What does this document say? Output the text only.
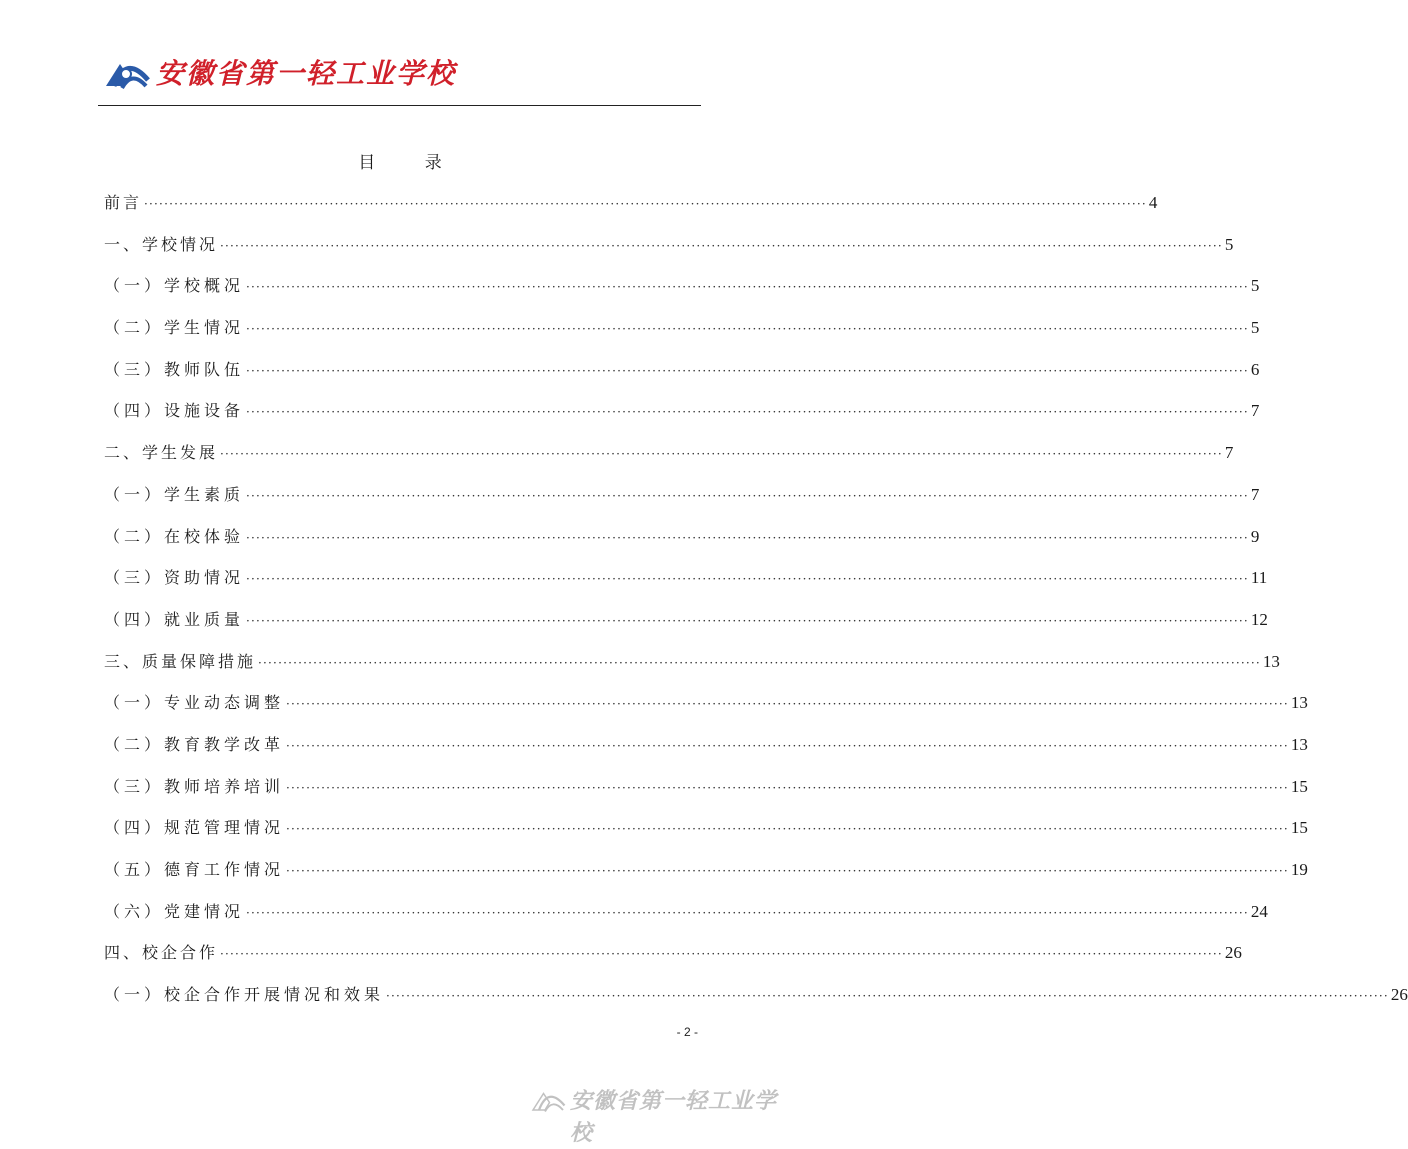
安徽省第一轻工业学校
目 录
前言 ········································································································································································································ 4
一、学校情况 ········································································································································································································ 5
（一）学校概况 ········································································································································································································ 5
（二）学生情况 ········································································································································································································ 5
（三）教师队伍 ········································································································································································································ 6
（四）设施设备 ········································································································································································································ 7
二、学生发展 ········································································································································································································ 7
（一）学生素质 ········································································································································································································ 7
（二）在校体验 ········································································································································································································ 9
（三）资助情况 ········································································································································································································ 11
（四）就业质量 ········································································································································································································ 12
三、质量保障措施 ········································································································································································································ 13
（一）专业动态调整 ········································································································································································································ 13
（二）教育教学改革 ········································································································································································································ 13
（三）教师培养培训 ········································································································································································································ 15
（四）规范管理情况 ········································································································································································································ 15
（五）德育工作情况 ········································································································································································································ 19
（六）党建情况 ········································································································································································································ 24
四、校企合作 ········································································································································································································ 26
（一）校企合作开展情况和效果 ········································································································································································································ 26
- 2 -
安徽省第一轻工业学校
